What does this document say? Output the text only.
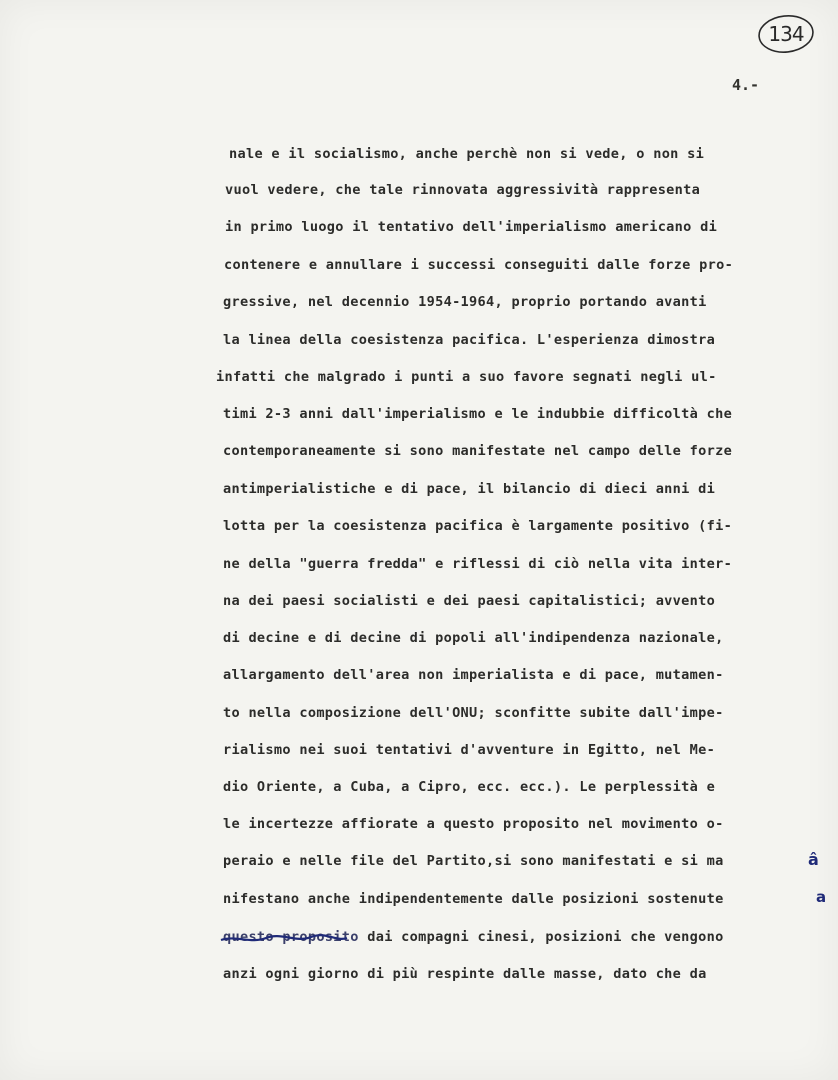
134
4.-
nale e il socialismo, anche perchè non si vede, o non si
vuol vedere, che tale rinnovata aggressività rappresenta
in primo luogo il tentativo dell'imperialismo americano di
contenere e annullare i successi conseguiti dalle forze pro-
gressive, nel decennio 1954-1964, proprio portando avanti
la linea della coesistenza pacifica. L'esperienza dimostra
infatti che malgrado i punti a suo favore segnati negli ul-
timi 2-3 anni dall'imperialismo e le indubbie difficoltà che
contemporaneamente si sono manifestate nel campo delle forze
antimperialistiche e di pace, il bilancio di dieci anni di
lotta per la coesistenza pacifica è largamente positivo (fi-
ne della "guerra fredda" e riflessi di ciò nella vita inter-
na dei paesi socialisti e dei paesi capitalistici; avvento
di decine e di decine di popoli all'indipendenza nazionale,
allargamento dell'area non imperialista e di pace, mutamen-
to nella composizione dell'ONU; sconfitte subite dall'impe-
rialismo nei suoi tentativi d'avventure in Egitto, nel Me-
dio Oriente, a Cuba, a Cipro, ecc. ecc.). Le perplessità e
le incertezze affiorate a questo proposito nel movimento o-
peraio e nelle file del Partito,si sono manifestati e si ma
nifestano anche indipendentemente dalle posizioni sostenute
questo proposito
dai compagni cinesi, posizioni che vengono
anzi ogni giorno di più respinte dalle masse, dato che da
â
a
